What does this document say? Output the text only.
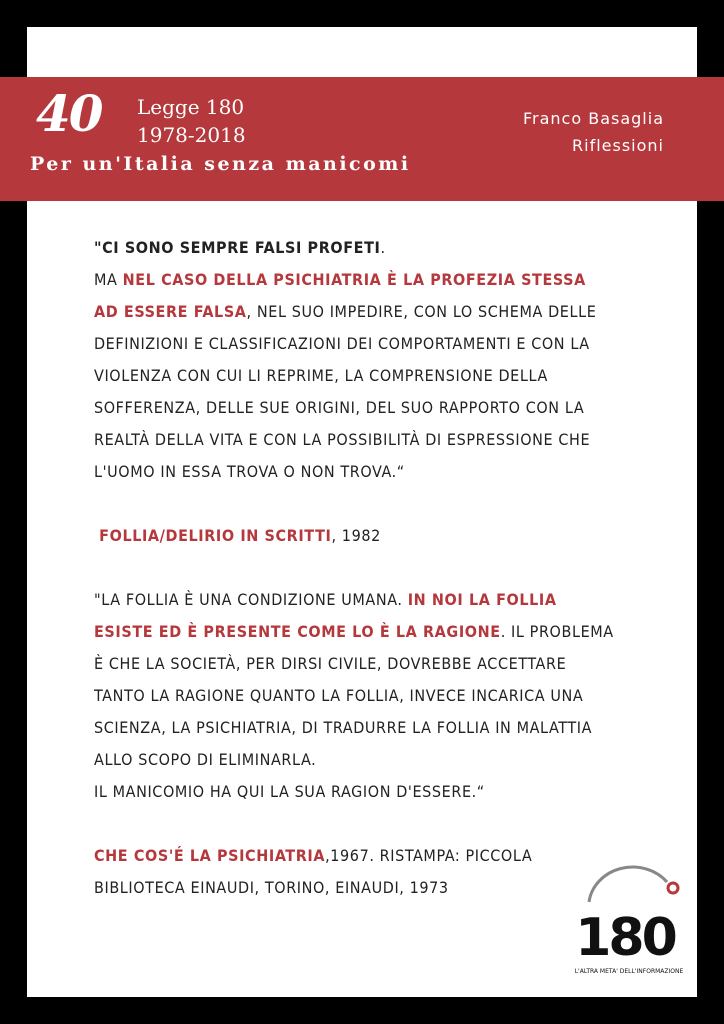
40 Legge 180
1978-2018
Per un'Italia senza manicomi
Franco Basaglia
Riflessioni

"CI SONO SEMPRE FALSI PROFETI.
MA NEL CASO DELLA PSICHIATRIA È LA PROFEZIA STESSA AD ESSERE FALSA, NEL SUO IMPEDIRE, CON LO SCHEMA DELLE DEFINIZIONI E CLASSIFICAZIONI DEI COMPORTAMENTI E CON LA VIOLENZA CON CUI LI REPRIME, LA COMPRENSIONE DELLA SOFFERENZA, DELLE SUE ORIGINI, DEL SUO RAPPORTO CON LA REALTÀ DELLA VITA E CON LA POSSIBILITÀ DI ESPRESSIONE CHE L'UOMO IN ESSA TROVA O NON TROVA.“

FOLLIA/DELIRIO IN SCRITTI, 1982

"LA FOLLIA È UNA CONDIZIONE UMANA. IN NOI LA FOLLIA ESISTE ED È PRESENTE COME LO È LA RAGIONE. IL PROBLEMA È CHE LA SOCIETÀ, PER DIRSI CIVILE, DOVREBBE ACCETTARE TANTO LA RAGIONE QUANTO LA FOLLIA, INVECE INCARICA UNA SCIENZA, LA PSICHIATRIA, DI TRADURRE LA FOLLIA IN MALATTIA ALLO SCOPO DI ELIMINARLA.
IL MANICOMIO HA QUI LA SUA RAGION D'ESSERE.“

CHE COS'É LA PSICHIATRIA,1967. RISTAMPA: PICCOLA BIBLIOTECA EINAUDI, TORINO, EINAUDI, 1973

180
L'ALTRA META' DELL'INFORMAZIONE
